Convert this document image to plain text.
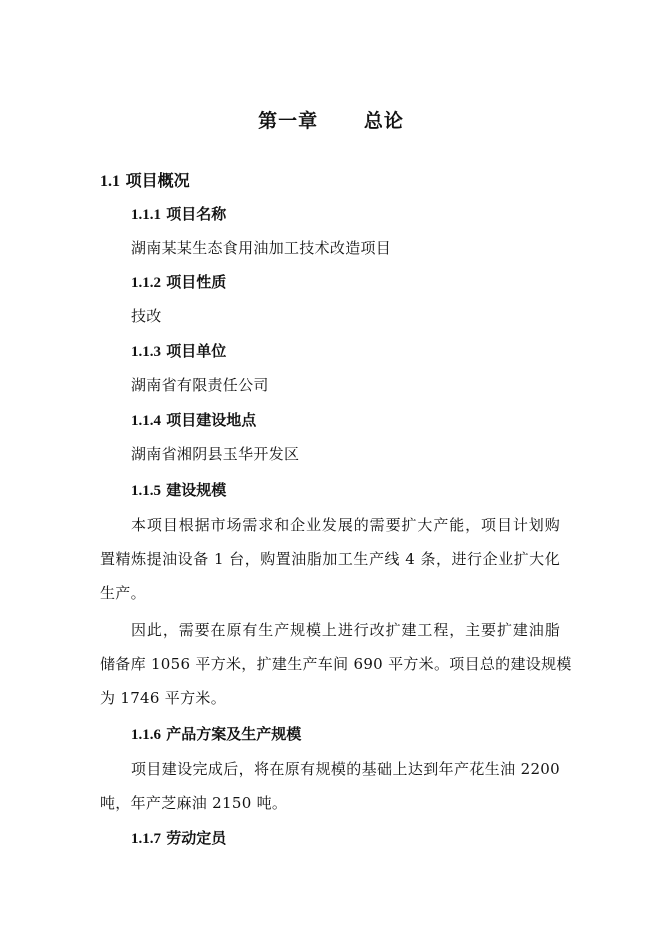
第一章      总论
1.1 项目概况
1.1.1 项目名称
湖南某某生态食用油加工技术改造项目
1.1.2 项目性质
技改
1.1.3 项目单位
湖南省有限责任公司
1.1.4 项目建设地点
湖南省湘阴县玉华开发区
1.1.5 建设规模
本项目根据市场需求和企业发展的需要扩大产能，项目计划购
置精炼提油设备 1 台，购置油脂加工生产线 4 条，进行企业扩大化
生产。
因此，需要在原有生产规模上进行改扩建工程，主要扩建油脂
储备库 1056 平方米，扩建生产车间 690 平方米。项目总的建设规模
为 1746 平方米。
1.1.6 产品方案及生产规模
项目建设完成后，将在原有规模的基础上达到年产花生油 2200
吨，年产芝麻油 2150 吨。
1.1.7 劳动定员
